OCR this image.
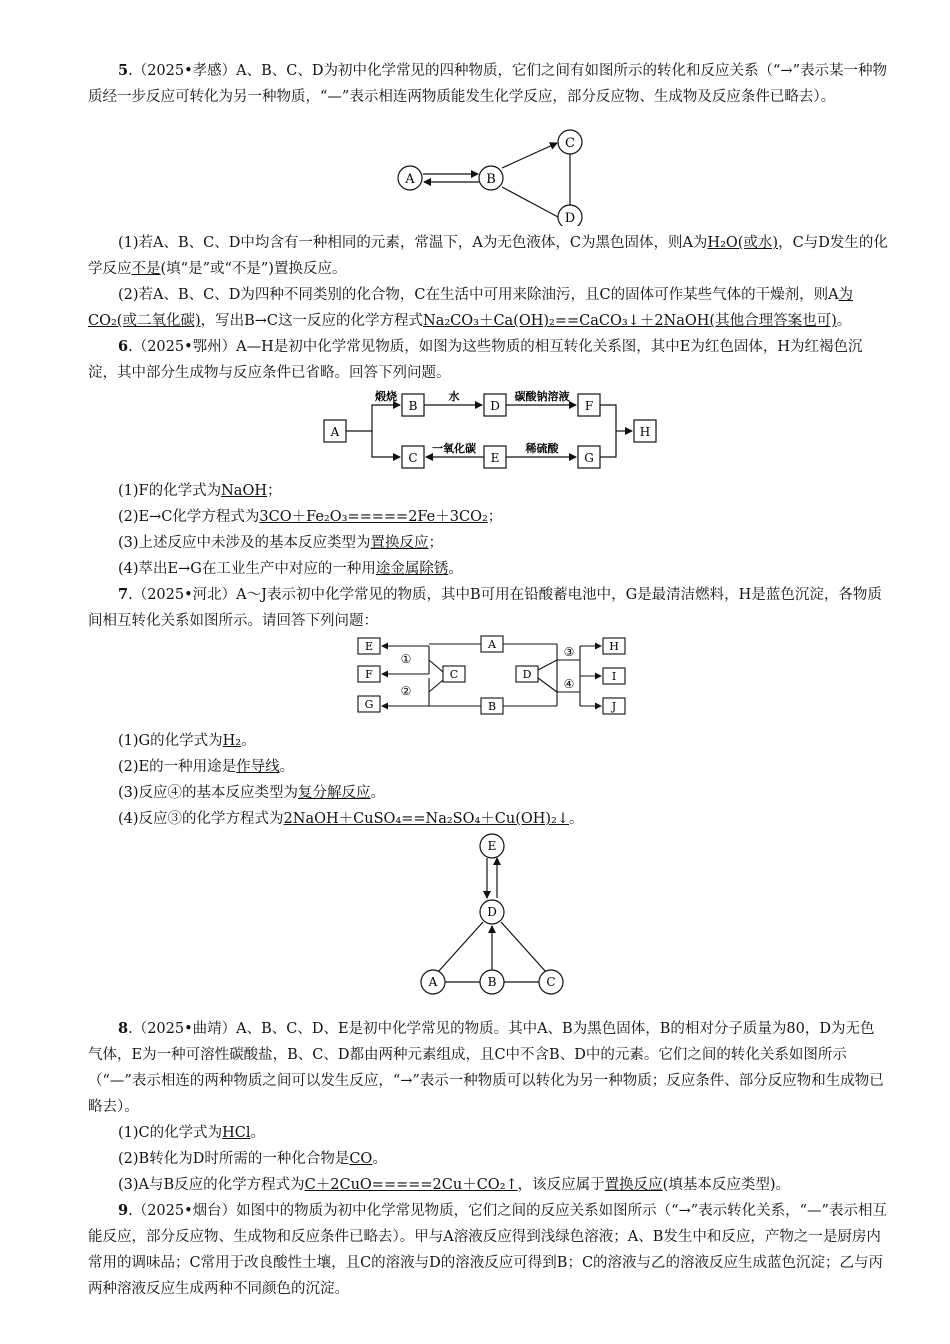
5.（2025•孝感）A、B、C、D为初中化学常见的四种物质，它们之间有如图所示的转化和反应关系（“→”表示某一种物质经一步反应可转化为另一种物质，“—”表示相连两物质能发生化学反应，部分反应物、生成物及反应条件已略去）。

A	B
C
D

(1)若A、B、C、D中均含有一种相同的元素，常温下，A为无色液体，C为黑色固体，则A为H₂O(或水)，C与D发生的化学反应不是(填“是”或“不是”)置换反应。

(2)若A、B、C、D为四种不同类别的化合物，C在生活中可用来除油污，且C的固体可作某些气体的干燥剂，则A为CO₂(或二氧化碳)，写出B→C这一反应的化学方程式Na₂CO₃＋Ca(OH)₂==CaCO₃↓＋2NaOH(其他合理答案也可)。

6.（2025•鄂州）A—H是初中化学常见物质，如图为这些物质的相互转化关系图，其中E为红色固体，H为红褐色沉淀，其中部分生成物与反应条件已省略。回答下列问题。

A
B
C
D
E
F
G
H
煅烧	水	碳酸钠溶液
一氧化碳	稀硫酸

(1)F的化学式为NaOH；

(2)E→C化学方程式为3CO＋Fe₂O₃=====2Fe＋3CO₂；

(3)上述反应中未涉及的基本反应类型为置换反应；

(4)萃出E→G在工业生产中对应的一种用途金属除锈。

7.（2025•河北）A～J表示初中化学常见的物质，其中B可用在铅酸蓄电池中，G是最清洁燃料，H是蓝色沉淀，各物质间相互转化关系如图所示。请回答下列问题：

E
F
G
A
C
B
D
H
I
J
①
②
③
④

(1)G的化学式为H₂。

(2)E的一种用途是作导线。

(3)反应④的基本反应类型为复分解反应。

(4)反应③的化学方程式为2NaOH＋CuSO₄==Na₂SO₄＋Cu(OH)₂↓。

E
D
A	B	C

8.（2025•曲靖）A、B、C、D、E是初中化学常见的物质。其中A、B为黑色固体，B的相对分子质量为80，D为无色气体，E为一种可溶性碳酸盐，B、C、D都由两种元素组成，且C中不含B、D中的元素。它们之间的转化关系如图所示（“—”表示相连的两种物质之间可以发生反应，“→”表示一种物质可以转化为另一种物质；反应条件、部分反应物和生成物已略去）。

(1)C的化学式为HCl。

(2)B转化为D时所需的一种化合物是CO。

(3)A与B反应的化学方程式为C＋2CuO=====2Cu＋CO₂↑，该反应属于置换反应(填基本反应类型)。

9.（2025•烟台）如图中的物质为初中化学常见物质，它们之间的反应关系如图所示（“→”表示转化关系，“—”表示相互能反应，部分反应物、生成物和反应条件已略去）。甲与A溶液反应得到浅绿色溶液；A、B发生中和反应，产物之一是厨房内常用的调味品；C常用于改良酸性土壤，且C的溶液与D的溶液反应可得到B；C的溶液与乙的溶液反应生成蓝色沉淀；乙与丙两种溶液反应生成两种不同颜色的沉淀。
